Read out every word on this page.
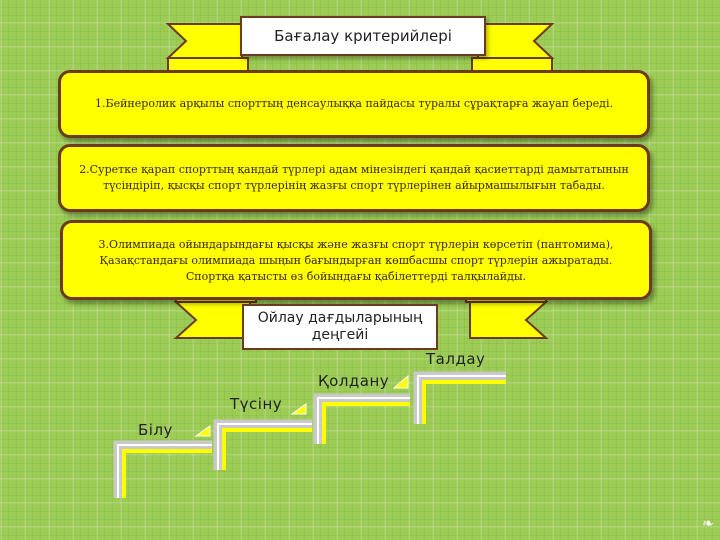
Бағалау критерийлері
1.Бейнеролик арқылы спорттың денсаулыққа пайдасы туралы сұрақтарға жауап береді.
2.Суретке қарап спорттың қандай түрлері адам мінезіндегі қандай қасиеттарді дамытатынын түсіндіріп, қысқы спорт түрлерінің жазғы спорт түрлерінен айырмашылығын табады.
3.Олимпиада ойындарындағы қысқы және жазғы спорт түрлерін көрсетіп (пантомима), Қазақстандағы олимпиада шыңын бағындырған көшбасшы спорт түрлерін ажыратады. Спортқа қатысты өз бойындағы қабілеттерді талқылайды.
Ойлау дағдыларының деңгейі
Білу
Түсіну
Қолдану
Талдау
❧
